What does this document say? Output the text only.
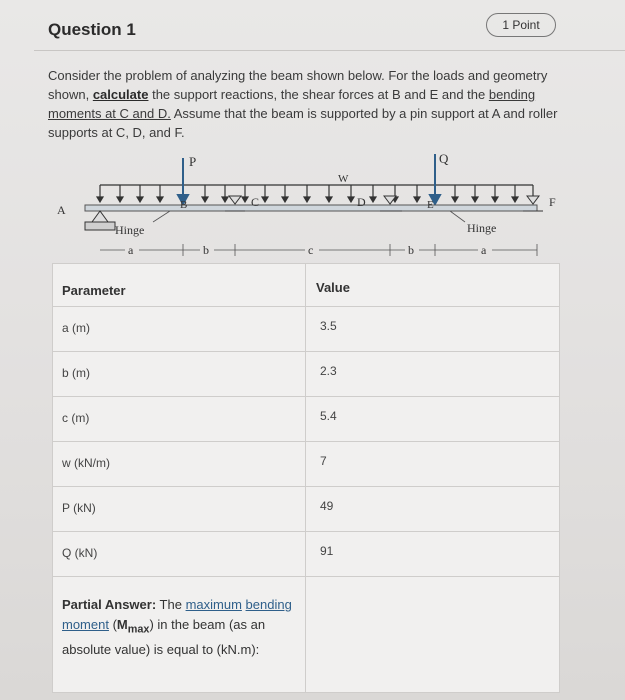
Question 1	1 Point
Consider the problem of analyzing the beam shown below. For the loads and geometry shown, calculate the support reactions, the shear forces at B and E and the bending moments at C and D. Assume that the beam is supported by a pin support at A and roller supports at C, D, and F.
W
P	Q
A
C	D	F
B	E
Hinge	Hinge
a	b	c	b	a
Parameter	Value

a (m)	3.5

b (m)	2.3

c (m)	5.4

w (kN/m)	7

P (kN)	49

Q (kN)	91

Partial Answer: The maximum bending moment $(M_{max})$ in the beam (as an absolute value) is equal to (kN.m):	
